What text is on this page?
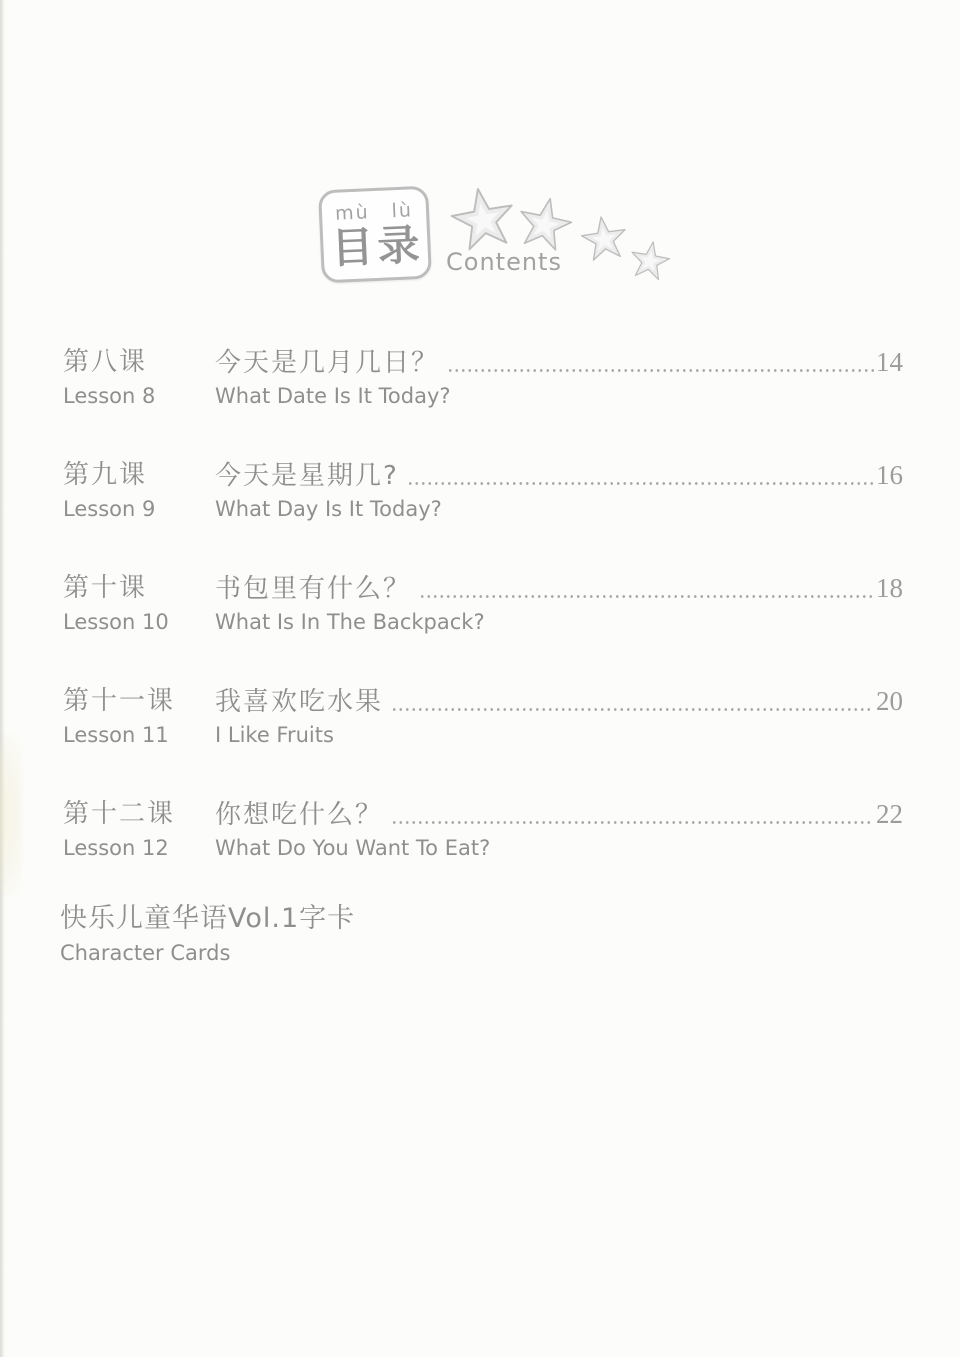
mù lù
目录 Contents
第八课
Lesson 8
今天是几月几日？	14
What Date Is It Today?
第九课
Lesson 9
今天是星期几?	16
What Day Is It Today?
第十课
Lesson 10
书包里有什么？	18
What Is In The Backpack?
第十一课
Lesson 11
我喜欢吃水果	20
I Like Fruits
第十二课
Lesson 12
你想吃什么？	22
What Do You Want To Eat?
快乐儿童华语Vol.1字卡
Character Cards
